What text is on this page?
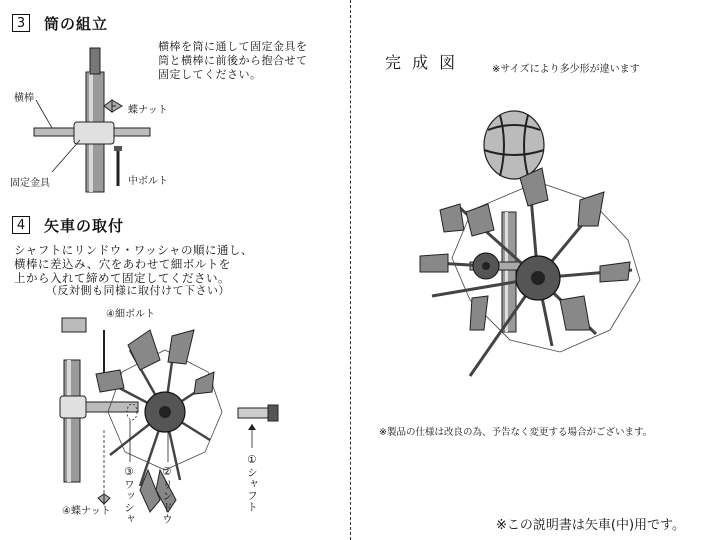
3	筒の組立
横棒を筒に通して固定金具を
筒と横棒に前後から抱合せて
固定してください。
横棒
蝶ナット
固定金具	中ボルト
4	矢車の取付
シャフトにリンドウ・ワッシャの順に通し、
横棒に差込み、穴をあわせて細ボルトを
上から入れて締めて固定してください。
（反対側も同様に取付けて下さい）
④細ボルト
④蝶ナット ③ワッシャ ②リンドウ	①シャフト
完 成 図	※サイズにより多少形が違います
※製品の仕様は改良の為、予告なく変更する場合がございます。
※この説明書は矢車(中)用です。
